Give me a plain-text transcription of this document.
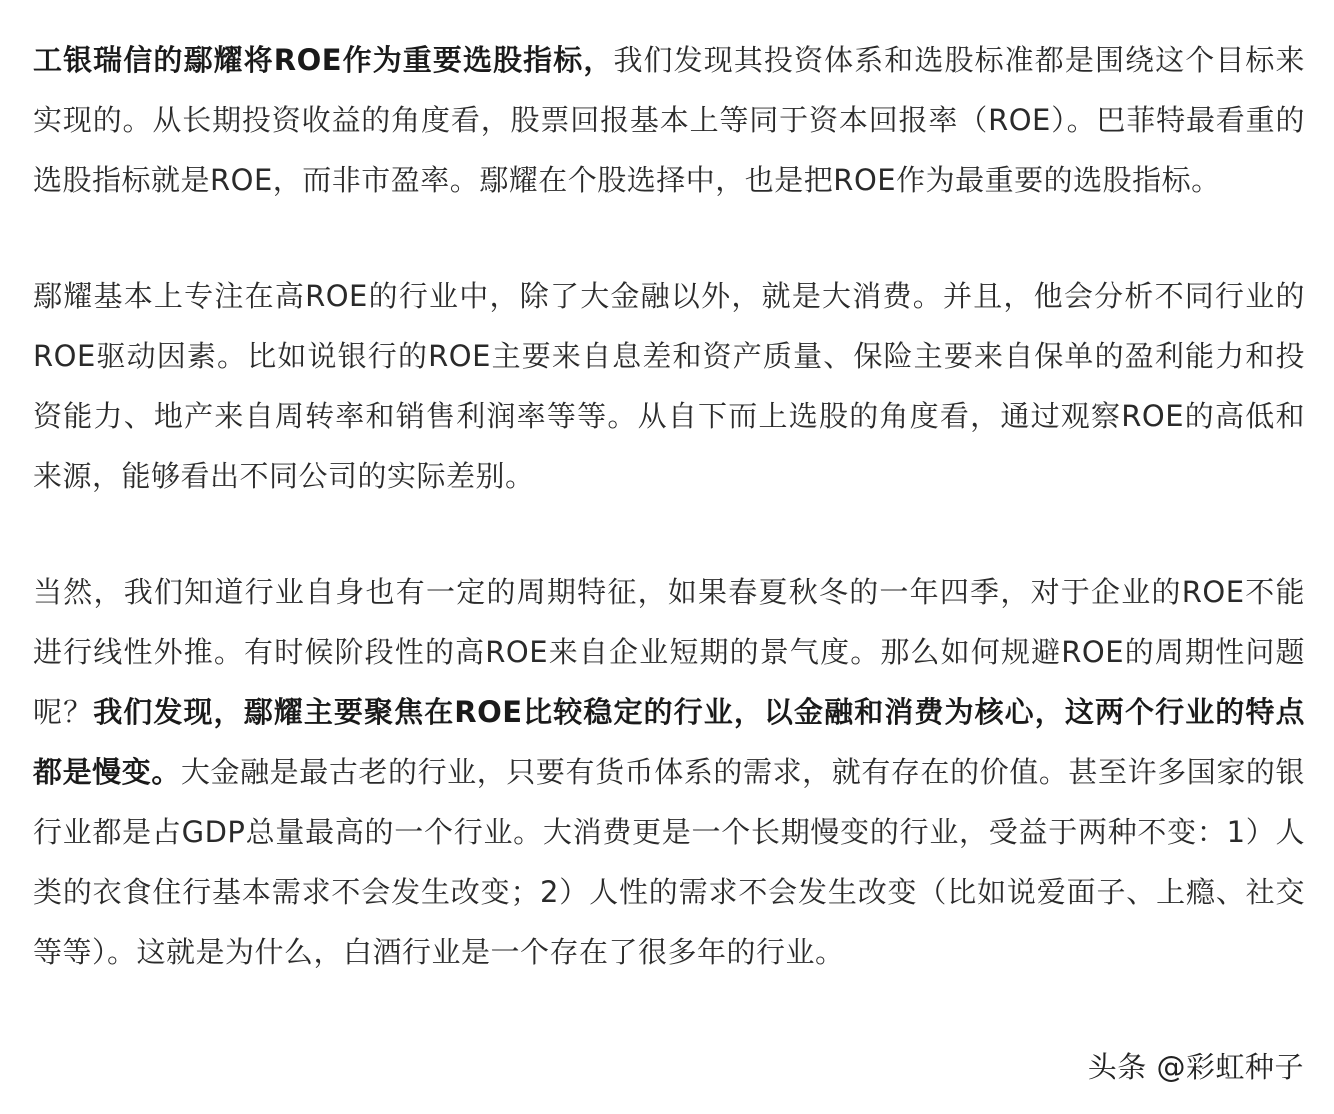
工银瑞信的鄢耀将ROE作为重要选股指标，我们发现其投资体系和选股标准都是围绕这个目标来实现的。从长期投资收益的角度看，股票回报基本上等同于资本回报率（ROE）。巴菲特最看重的选股指标就是ROE，而非市盈率。鄢耀在个股选择中，也是把ROE作为最重要的选股指标。

鄢耀基本上专注在高ROE的行业中，除了大金融以外，就是大消费。并且，他会分析不同行业的ROE驱动因素。比如说银行的ROE主要来自息差和资产质量、保险主要来自保单的盈利能力和投资能力、地产来自周转率和销售利润率等等。从自下而上选股的角度看，通过观察ROE的高低和来源，能够看出不同公司的实际差别。

当然，我们知道行业自身也有一定的周期特征，如果春夏秋冬的一年四季，对于企业的ROE不能进行线性外推。有时候阶段性的高ROE来自企业短期的景气度。那么如何规避ROE的周期性问题呢？我们发现，鄢耀主要聚焦在ROE比较稳定的行业，以金融和消费为核心，这两个行业的特点都是慢变。大金融是最古老的行业，只要有货币体系的需求，就有存在的价值。甚至许多国家的银行业都是占GDP总量最高的一个行业。大消费更是一个长期慢变的行业，受益于两种不变：1）人类的衣食住行基本需求不会发生改变；2）人性的需求不会发生改变（比如说爱面子、上瘾、社交等等）。这就是为什么，白酒行业是一个存在了很多年的行业。

头条 @彩虹种子
